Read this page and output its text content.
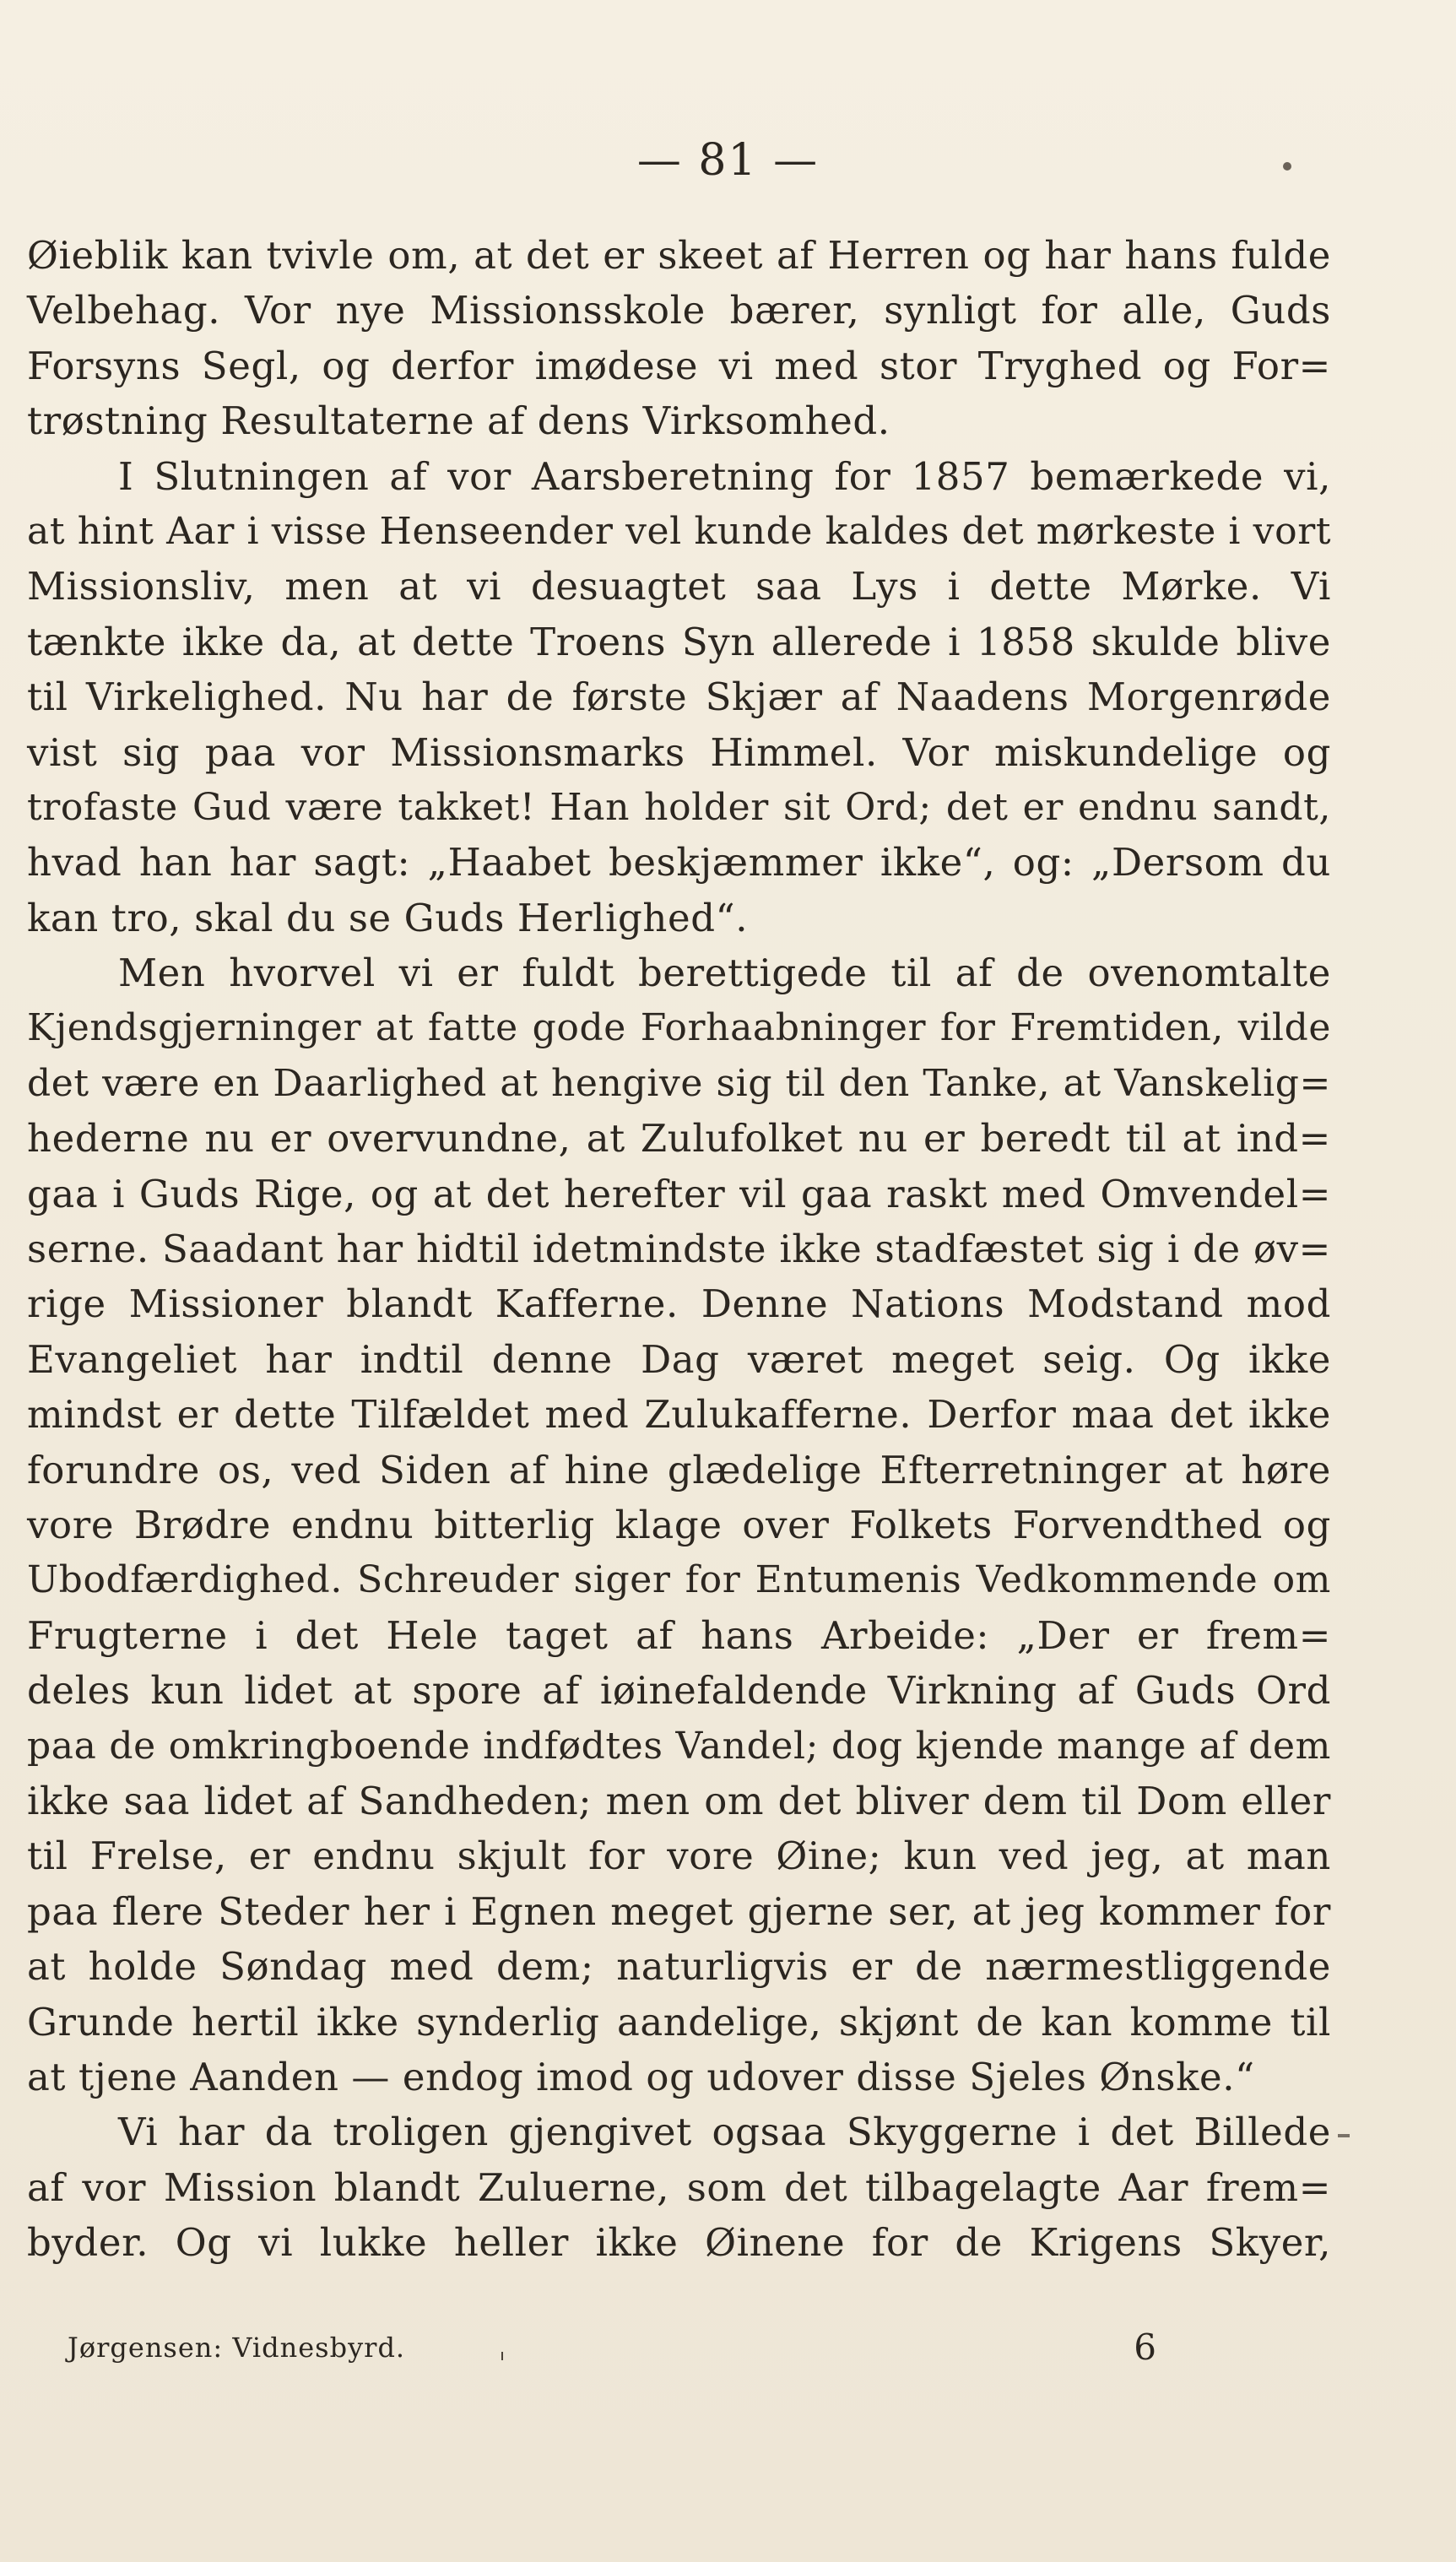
— 81 —
Øieblik kan tvivle om, at det er skeet af Herren og har hans fulde
Velbehag. Vor nye Missionsskole bærer, synligt for alle, Guds
Forsyns Segl, og derfor imødese vi med stor Tryghed og For=
trøstning Resultaterne af dens Virksomhed.
I Slutningen af vor Aarsberetning for 1857 bemærkede vi,
at hint Aar i visse Henseender vel kunde kaldes det mørkeste i vort
Missionsliv, men at vi desuagtet saa Lys i dette Mørke. Vi
tænkte ikke da, at dette Troens Syn allerede i 1858 skulde blive
til Virkelighed. Nu har de første Skjær af Naadens Morgenrøde
vist sig paa vor Missionsmarks Himmel. Vor miskundelige og
trofaste Gud være takket! Han holder sit Ord; det er endnu sandt,
hvad han har sagt: „Haabet beskjæmmer ikke“, og: „Dersom du
kan tro, skal du se Guds Herlighed“.
Men hvorvel vi er fuldt berettigede til af de ovenomtalte
Kjendsgjerninger at fatte gode Forhaabninger for Fremtiden, vilde
det være en Daarlighed at hengive sig til den Tanke, at Vanskelig=
hederne nu er overvundne, at Zulufolket nu er beredt til at ind=
gaa i Guds Rige, og at det herefter vil gaa raskt med Omvendel=
serne. Saadant har hidtil idetmindste ikke stadfæstet sig i de øv=
rige Missioner blandt Kafferne. Denne Nations Modstand mod
Evangeliet har indtil denne Dag været meget seig. Og ikke
mindst er dette Tilfældet med Zulukafferne. Derfor maa det ikke
forundre os, ved Siden af hine glædelige Efterretninger at høre
vore Brødre endnu bitterlig klage over Folkets Forvendthed og
Ubodfærdighed. Schreuder siger for Entumenis Vedkommende om
Frugterne i det Hele taget af hans Arbeide: „Der er frem=
deles kun lidet at spore af iøinefaldende Virkning af Guds Ord
paa de omkringboende indfødtes Vandel; dog kjende mange af dem
ikke saa lidet af Sandheden; men om det bliver dem til Dom eller
til Frelse, er endnu skjult for vore Øine; kun ved jeg, at man
paa flere Steder her i Egnen meget gjerne ser, at jeg kommer for
at holde Søndag med dem; naturligvis er de nærmestliggende
Grunde hertil ikke synderlig aandelige, skjønt de kan komme til
at tjene Aanden — endog imod og udover disse Sjeles Ønske.“
Vi har da troligen gjengivet ogsaa Skyggerne i det Billede
af vor Mission blandt Zuluerne, som det tilbagelagte Aar frem=
byder. Og vi lukke heller ikke Øinene for de Krigens Skyer,
Jørgensen: Vidnesbyrd.	6
